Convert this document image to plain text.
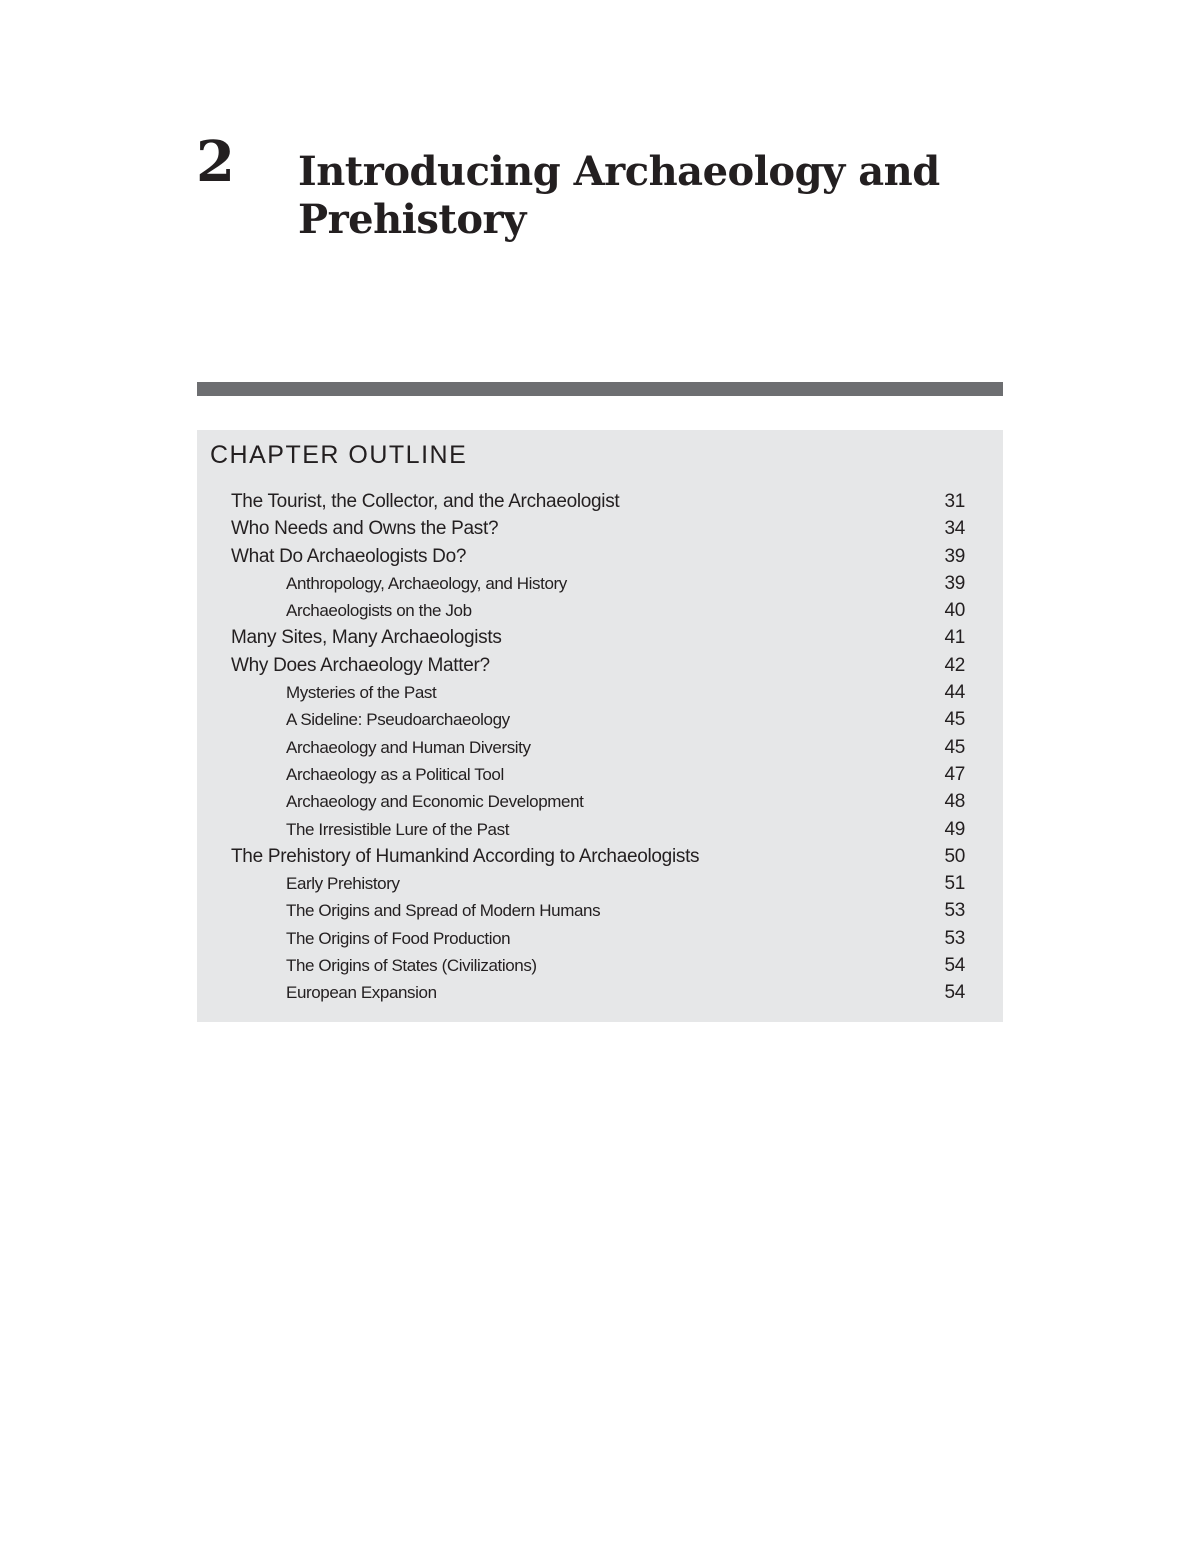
2 Introducing Archaeology and Prehistory
CHAPTER OUTLINE
The Tourist, the Collector, and the Archaeologist	31
Who Needs and Owns the Past?	34
What Do Archaeologists Do?	39
Anthropology, Archaeology, and History	39
Archaeologists on the Job	40
Many Sites, Many Archaeologists	41
Why Does Archaeology Matter?	42
Mysteries of the Past	44
A Sideline: Pseudoarchaeology	45
Archaeology and Human Diversity	45
Archaeology as a Political Tool	47
Archaeology and Economic Development	48
The Irresistible Lure of the Past	49
The Prehistory of Humankind According to Archaeologists	50
Early Prehistory	51
The Origins and Spread of Modern Humans	53
The Origins of Food Production	53
The Origins of States (Civilizations)	54
European Expansion	54
